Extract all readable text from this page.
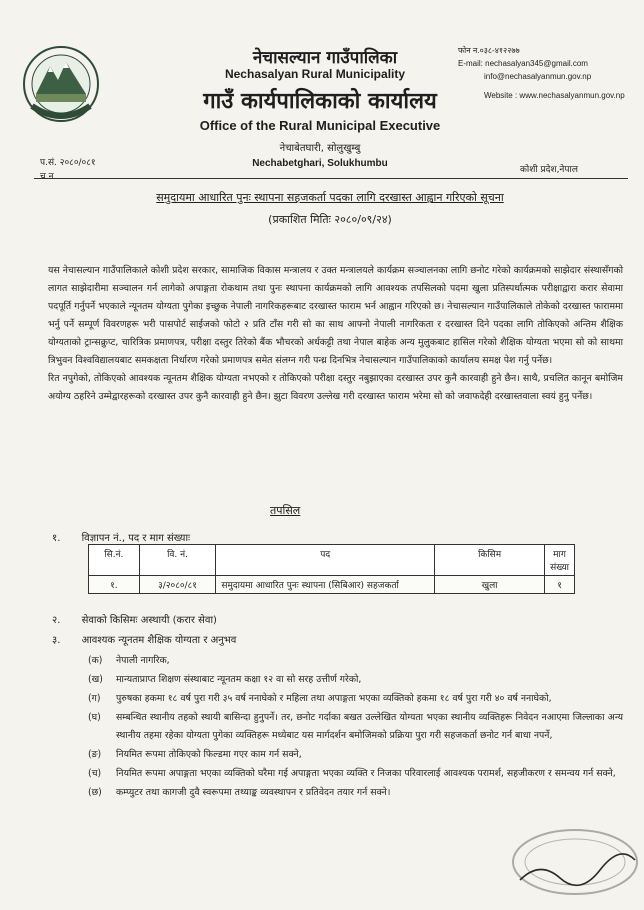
नेचासल्यान गाउँपालिका
Nechasalyan Rural Municipality
गाउँ कार्यपालिकाको कार्यालय
Office of the Rural Municipal Executive
नेचाबेतघारी, सोलुखुम्बु
Nechabetghari, Solukhumbu
फोन न.०३८-४१२२७७
E-mail: nechasalyan345@gmail.com
info@nechasalyanmun.gov.np
Website : www.nechasalyanmun.gov.np
प.सं. २०८०/०८१
च.न
कोशी प्रदेश,नेपाल
समुदायमा आधारित पुनः स्थापना सहजकर्ता पदका लागि दरखास्त आह्वान गरिएको सूचना
(प्रकाशित मितिः २०८०/०९/२४)

यस नेचासल्यान गाउँपालिकाले कोशी प्रदेश सरकार, सामाजिक विकास मन्त्रालय र उक्त मन्त्रालयले कार्यक्रम सञ्चालनका लागि छनोट गरेको कार्यक्रमको साझेदार संस्थासँगको लागत साझेदारीमा सञ्चालन गर्न लागेको अपाङ्गता रोकथाम तथा पुनः स्थापना कार्यक्रमको लागि आवश्यक तपसिलको पदमा खुला प्रतिस्पर्धात्मक परीक्षाद्वारा करार सेवामा पदपूर्ति गर्नुपर्ने भएकाले न्यूनतम योग्यता पुगेका इच्छुक नेपाली नागरिकहरूबाट दरखास्त फाराम भर्न आह्वान गरिएको छ। नेचासल्यान गाउँपालिकाले तोकेको दरखास्त फाराममा भर्नु पर्ने सम्पूर्ण विवरणहरू भरी पासपोर्ट साईजको फोटो २ प्रति टाँस गरी सो का साथ आफ्नो नेपाली नागरिकता र दरखास्त दिने पदका लागि तोकिएको अन्तिम शैक्षिक योग्यताको ट्रान्सक्रुप्ट, चारित्रिक प्रमाणपत्र, परीक्षा दस्तुर तिरेको बैंक भौचरको अर्धकट्टी तथा नेपाल बाहेक अन्य मुलुकबाट हासिल गरेको शैक्षिक योग्यता भएमा सो को साथमा त्रिभुवन विश्वविद्यालयबाट समकक्षता निर्धारण गरेको प्रमाणपत्र समेत संलग्न गरी पन्ध्र दिनभित्र नेचासल्यान गाउँपालिकाको कार्यालय समक्ष पेश गर्नु पर्नेछ।

रित नपुगेको, तोकिएको आवश्यक न्यूनतम शैक्षिक योग्यता नभएको र तोकिएको परीक्षा दस्तुर नबुझाएका दरखास्त उपर कुनै कारवाही हुने छैन। साथै, प्रचलित कानून बमोजिम अयोग्य ठहरिने उम्मेद्वारहरूको दरखास्त उपर कुनै कारवाही हुने छैन। झुटा विवरण उल्लेख गरी दरखास्त फाराम भरेमा सो को जवाफदेही दरखास्तवाला स्वयं हुनु पर्नेछ।

तपसिल
१. विज्ञापन नं., पद र माग संख्याः
सि.नं.	वि. नं.	पद	किसिम	माग संख्या
१.	३/२०८०/८१	समुदायमा आधारित पुनः स्थापना (सिबिआर) सहजकर्ता	खुला	१
२. सेवाको किसिमः अस्थायी (करार सेवा)
३. आवश्यक न्यूनतम शैक्षिक योग्यता र अनुभव
(क)	नेपाली नागरिक,
(ख)	मान्यताप्राप्त शिक्षण संस्थाबाट न्यूनतम कक्षा १२ वा सो सरह उत्तीर्ण गरेको,
(ग)	पुरुषका हकमा १८ वर्ष पुरा गरी ३५ वर्ष ननाघेको र महिला तथा अपाङ्गता भएका व्यक्तिको हकमा १८ वर्ष पुरा गरी ४० वर्ष ननाघेको,
(घ)	सम्बन्धित स्थानीय तहको स्थायी बासिन्दा हुनुपर्ने। तर, छनोट गर्दाका बखत उल्लेखित योग्यता भएका स्थानीय व्यक्तिहरू निवेदन नआएमा जिल्लाका अन्य स्थानीय तहमा रहेका योग्यता पुगेका व्यक्तिहरू मध्येबाट यस मार्गदर्शन बमोजिमको प्रक्रिया पुरा गरी सहजकर्ता छनोट गर्न बाधा नपर्ने,
(ङ)	नियमित रूपमा तोकिएको फिल्डमा गएर काम गर्न सक्ने,
(च)	नियमित रूपमा अपाङ्गता भएका व्यक्तिको घरैमा गई अपाङ्गता भएका व्यक्ति र निजका परिवारलाई आवश्यक परामर्श, सहजीकरण र समन्वय गर्न सक्ने,
(छ)	कम्प्युटर तथा कागजी दुवै स्वरूपमा तथ्याङ्क व्यवस्थापन र प्रतिवेदन तयार गर्न सक्ने।
